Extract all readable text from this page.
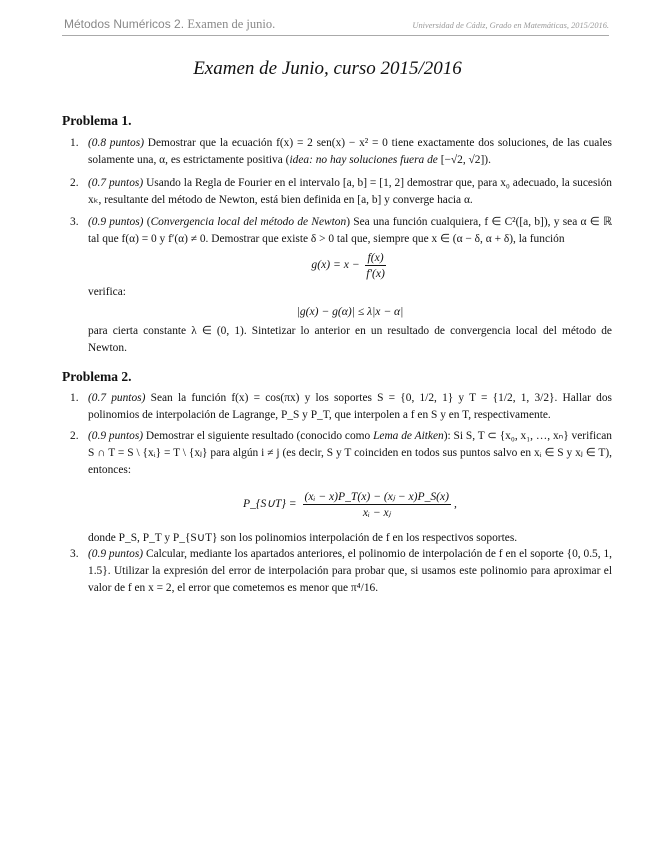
Métodos Numéricos 2. Examen de junio.	Universidad de Cádiz, Grado en Matemáticas, 2015/2016.
Examen de Junio, curso 2015/2016
Problema 1.
1. (0.8 puntos) Demostrar que la ecuación f(x) = 2 sen(x) − x² = 0 tiene exactamente dos soluciones, de las cuales solamente una, α, es estrictamente positiva (idea: no hay soluciones fuera de [−√2, √2]).
2. (0.7 puntos) Usando la Regla de Fourier en el intervalo [a, b] = [1, 2] demostrar que, para x₀ adecuado, la sucesión xₖ, resultante del método de Newton, está bien definida en [a, b] y converge hacia α.
3. (0.9 puntos) (Convergencia local del método de Newton) Sea una función cualquiera, f ∈ C²([a, b]), y sea α ∈ ℝ tal que f(α) = 0 y f′(α) ≠ 0. Demostrar que existe δ > 0 tal que, siempre que x ∈ (α − δ, α + δ), la función

$g(x) = x - \frac{f(x)}{f'(x)}$

verifica:

|g(x) − g(α)| ≤ λ|x − α|

para cierta constante λ ∈ (0, 1). Sintetizar lo anterior en un resultado de convergencia local del método de Newton.

Problema 2.
1. (0.7 puntos) Sean la función f(x) = cos(πx) y los soportes S = {0, 1/2, 1} y T = {1/2, 1, 3/2}. Hallar dos polinomios de interpolación de Lagrange, P_S y P_T, que interpolen a f en S y en T, respectivamente.
2. (0.9 puntos) Demostrar el siguiente resultado (conocido como Lema de Aitken): Si S, T ⊂ {x₀, x₁, …, xₙ} verifican S ∩ T = S \ {xᵢ} = T \ {xⱼ} para algún i ≠ j (es decir, S y T coinciden en todos sus puntos salvo en xᵢ ∈ S y xⱼ ∈ T), entonces:

P_{S∪T} = $\frac{\text{(xᵢ − x)P\_T(x) − (xⱼ − x)P\_S(x)}}{\text{xᵢ − xⱼ}}$ ,

donde P_S, P_T y P_{S∪T} son los polinomios interpolación de f en los respectivos soportes.

3. (0.9 puntos) Calcular, mediante los apartados anteriores, el polinomio de interpolación de f en el soporte {0, 0.5, 1, 1.5}. Utilizar la expresión del error de interpolación para probar que, si usamos este polinomio para aproximar el valor de f en x = 2, el error que cometemos es menor que π⁴/16.
